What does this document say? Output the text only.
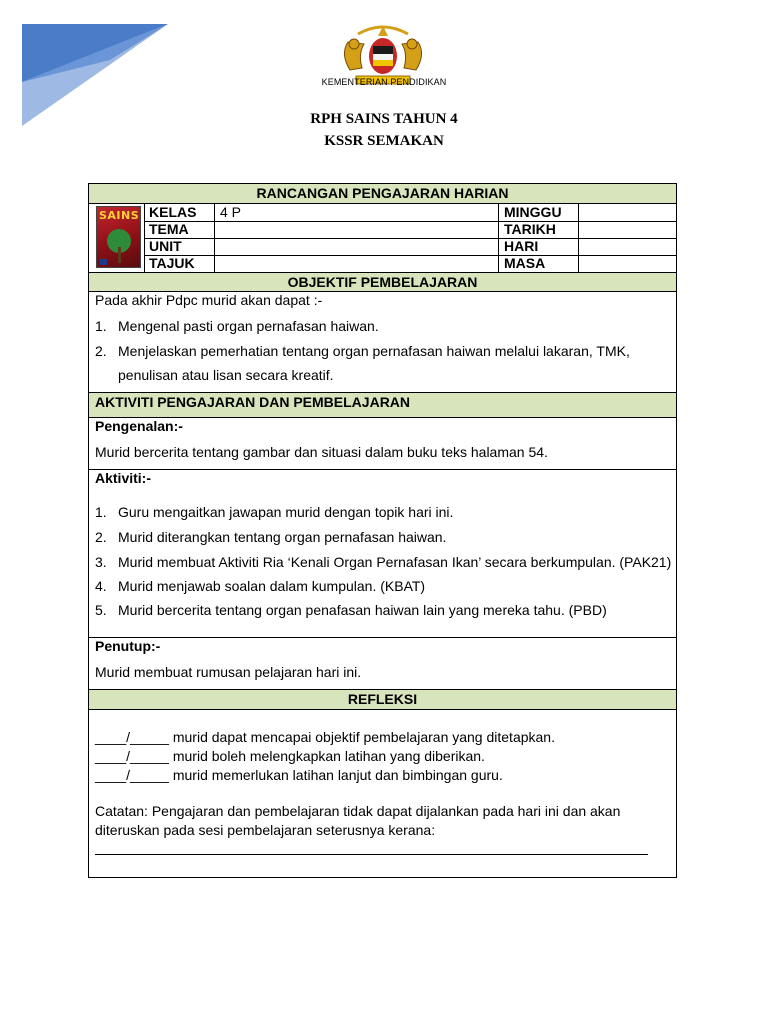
KEMENTERIAN PENDIDIKAN
RPH SAINS TAHUN 4
KSSR SEMAKAN
RANCANGAN PENGAJARAN HARIAN
SAINS KELAS 4 P
TEMA
UNIT
TAJUK
MINGGU
TARIKH
HARI
MASA
OBJEKTIF PEMBELAJARAN
Pada akhir Pdpc murid akan dapat :-
1. Mengenal pasti organ pernafasan haiwan.
2. Menjelaskan pemerhatian tentang organ pernafasan haiwan melalui lakaran, TMK,
penulisan atau lisan secara kreatif.
AKTIVITI PENGAJARAN DAN PEMBELAJARAN
Pengenalan:-
Murid bercerita tentang gambar dan situasi dalam buku teks halaman 54.
Aktiviti:-
1. Guru mengaitkan jawapan murid dengan topik hari ini.
2. Murid diterangkan tentang organ pernafasan haiwan.
3. Murid membuat Aktiviti Ria ‘Kenali Organ Pernafasan Ikan’ secara berkumpulan. (PAK21)
4. Murid menjawab soalan dalam kumpulan. (KBAT)
5. Murid bercerita tentang organ penafasan haiwan lain yang mereka tahu. (PBD)
Penutup:-
Murid membuat rumusan pelajaran hari ini.
REFLEKSI
____/_____ murid dapat mencapai objektif pembelajaran yang ditetapkan.
____/_____ murid boleh melengkapkan latihan yang diberikan.
____/_____ murid memerlukan latihan lanjut dan bimbingan guru.
Catatan: Pengajaran dan pembelajaran tidak dapat dijalankan pada hari ini dan akan
diteruskan pada sesi pembelajaran seterusnya kerana:
